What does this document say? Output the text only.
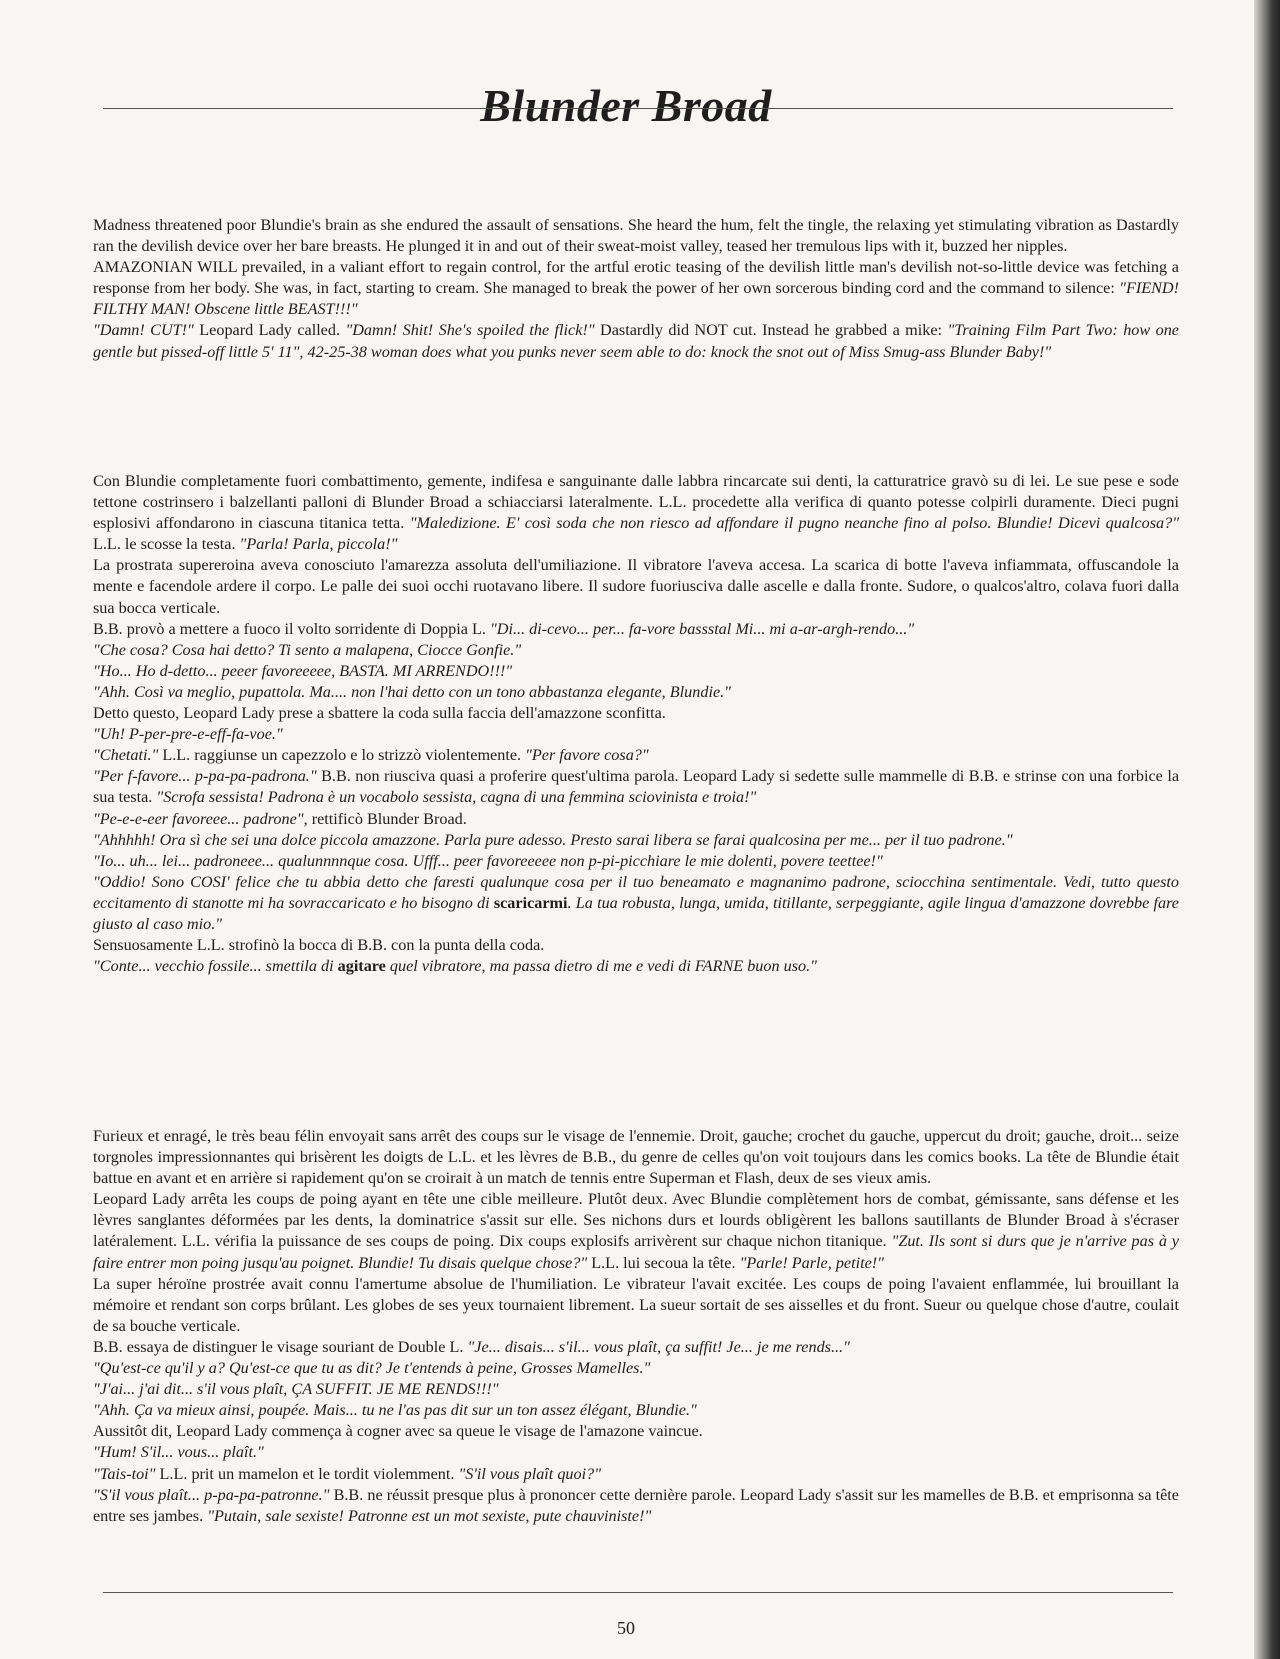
Blunder Broad

Madness threatened poor Blundie's brain as she endured the assault of sensations. She heard the hum, felt the tingle, the relaxing yet stimulating vibration as Dastardly ran the devilish device over her bare breasts. He plunged it in and out of their sweat-moist valley, teased her tremulous lips with it, buzzed her nipples.

AMAZONIAN WILL prevailed, in a valiant effort to regain control, for the artful erotic teasing of the devilish little man's devilish not-so-little device was fetching a response from her body. She was, in fact, starting to cream. She managed to break the power of her own sorcerous binding cord and the command to silence: "FIEND! FILTHY MAN! Obscene little BEAST!!!"

"Damn! CUT!" Leopard Lady called. "Damn! Shit! She's spoiled the flick!" Dastardly did NOT cut. Instead he grabbed a mike: "Training Film Part Two: how one gentle but pissed-off little 5' 11", 42-25-38 woman does what you punks never seem able to do: knock the snot out of Miss Smug-ass Blunder Baby!"

Con Blundie completamente fuori combattimento, gemente, indifesa e sanguinante dalle labbra rincarcate sui denti, la catturatrice gravò su di lei. Le sue pese e sode tettone costrinsero i balzellanti palloni di Blunder Broad a schiacciarsi lateralmente. L.L. procedette alla verifica di quanto potesse colpirli duramente. Dieci pugni esplosivi affondarono in ciascuna titanica tetta. "Maledizione. E' così soda che non riesco ad affondare il pugno neanche fino al polso. Blundie! Dicevi qualcosa?" L.L. le scosse la testa. "Parla! Parla, piccola!"

La prostrata supereroina aveva conosciuto l'amarezza assoluta dell'umiliazione. Il vibratore l'aveva accesa. La scarica di botte l'aveva infiammata, offuscandole la mente e facendole ardere il corpo. Le palle dei suoi occhi ruotavano libere. Il sudore fuoriusciva dalle ascelle e dalla fronte. Sudore, o qualcos'altro, colava fuori dalla sua bocca verticale.

B.B. provò a mettere a fuoco il volto sorridente di Doppia L. "Di... di-cevo... per... fa-vore bassstal Mi... mi a-ar-argh-rendo..."

"Che cosa? Cosa hai detto? Ti sento a malapena, Ciocce Gonfie."

"Ho... Ho d-detto... peeer favoreeeee, BASTA. MI ARRENDO!!!"

"Ahh. Così va meglio, pupattola. Ma.... non l'hai detto con un tono abbastanza elegante, Blundie."

Detto questo, Leopard Lady prese a sbattere la coda sulla faccia dell'amazzone sconfitta.

"Uh! P-per-pre-e-eff-fa-voe."

"Chetati." L.L. raggiunse un capezzolo e lo strizzò violentemente. "Per favore cosa?"

"Per f-favore... p-pa-pa-padrona." B.B. non riusciva quasi a proferire quest'ultima parola. Leopard Lady si sedette sulle mammelle di B.B. e strinse con una forbice la sua testa. "Scrofa sessista! Padrona è un vocabolo sessista, cagna di una femmina sciovinista e troia!"

"Pe-e-e-eer favoreee... padrone", rettificò Blunder Broad.

"Ahhhhh! Ora sì che sei una dolce piccola amazzone. Parla pure adesso. Presto sarai libera se farai qualcosina per me... per il tuo padrone."

"Io... uh... lei... padroneee... qualunnnnque cosa. Ufff... peer favoreeeee non p-pi-picchiare le mie dolenti, povere teettee!"

"Oddio! Sono COSI' felice che tu abbia detto che faresti qualunque cosa per il tuo beneamato e magnanimo padrone, sciocchina sentimentale. Vedi, tutto questo eccitamento di stanotte mi ha sovraccaricato e ho bisogno di scaricarmi. La tua robusta, lunga, umida, titillante, serpeggiante, agile lingua d'amazzone dovrebbe fare giusto al caso mio."

Sensuosamente L.L. strofinò la bocca di B.B. con la punta della coda.

"Conte... vecchio fossile... smettila di agitare quel vibratore, ma passa dietro di me e vedi di FARNE buon uso."

Furieux et enragé, le très beau félin envoyait sans arrêt des coups sur le visage de l'ennemie. Droit, gauche; crochet du gauche, uppercut du droit; gauche, droit... seize torgnoles impressionnantes qui brisèrent les doigts de L.L. et les lèvres de B.B., du genre de celles qu'on voit toujours dans les comics books. La tête de Blundie était battue en avant et en arrière si rapidement qu'on se croirait à un match de tennis entre Superman et Flash, deux de ses vieux amis.

Leopard Lady arrêta les coups de poing ayant en tête une cible meilleure. Plutôt deux. Avec Blundie complètement hors de combat, gémissante, sans défense et les lèvres sanglantes déformées par les dents, la dominatrice s'assit sur elle. Ses nichons durs et lourds obligèrent les ballons sautillants de Blunder Broad à s'écraser latéralement. L.L. vérifia la puissance de ses coups de poing. Dix coups explosifs arrivèrent sur chaque nichon titanique. "Zut. Ils sont si durs que je n'arrive pas à y faire entrer mon poing jusqu'au poignet. Blundie! Tu disais quelque chose?" L.L. lui secoua la tête. "Parle! Parle, petite!"

La super héroïne prostrée avait connu l'amertume absolue de l'humiliation. Le vibrateur l'avait excitée. Les coups de poing l'avaient enflammée, lui brouillant la mémoire et rendant son corps brûlant. Les globes de ses yeux tournaient librement. La sueur sortait de ses aisselles et du front. Sueur ou quelque chose d'autre, coulait de sa bouche verticale.

B.B. essaya de distinguer le visage souriant de Double L. "Je... disais... s'il... vous plaît, ça suffit! Je... je me rends..."

"Qu'est-ce qu'il y a? Qu'est-ce que tu as dit? Je t'entends à peine, Grosses Mamelles."

"J'ai... j'ai dit... s'il vous plaît, ÇA SUFFIT. JE ME RENDS!!!"

"Ahh. Ça va mieux ainsi, poupée. Mais... tu ne l'as pas dit sur un ton assez élégant, Blundie."

Aussitôt dit, Leopard Lady commença à cogner avec sa queue le visage de l'amazone vaincue.

"Hum! S'il... vous... plaît."

"Tais-toi" L.L. prit un mamelon et le tordit violemment. "S'il vous plaît quoi?"

"S'il vous plaît... p-pa-pa-patronne." B.B. ne réussit presque plus à prononcer cette dernière parole. Leopard Lady s'assit sur les mamelles de B.B. et emprisonna sa tête entre ses jambes. "Putain, sale sexiste! Patronne est un mot sexiste, pute chauviniste!"

50
